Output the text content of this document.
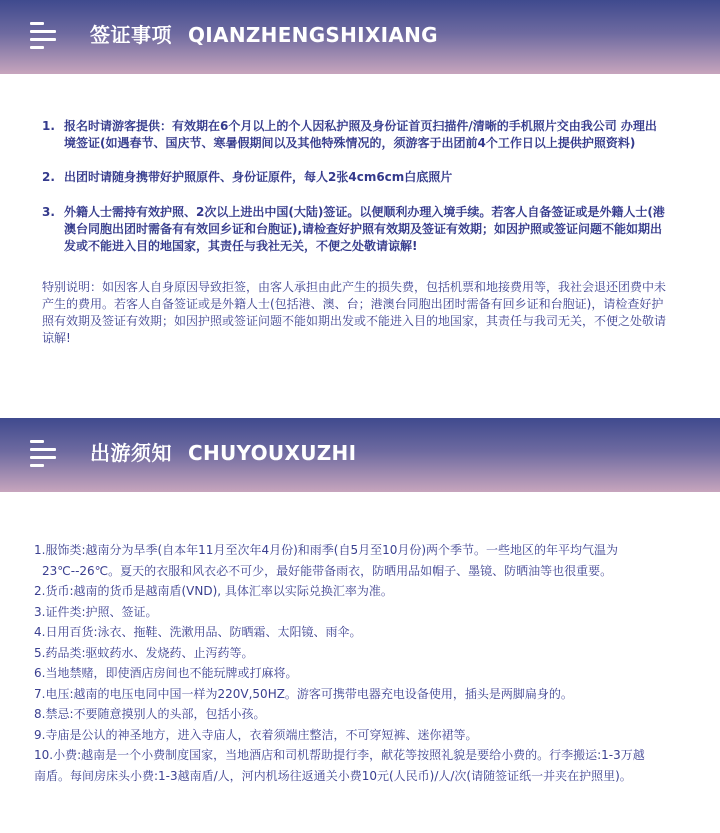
签证事项 QIANZHENGSHIXIANG
1. 报名时请游客提供：有效期在6个月以上的个人因私护照及身份证首页扫描件/清晰的手机照片交由我公司 办理出境签证(如遇春节、国庆节、寒暑假期间以及其他特殊情况的，须游客于出团前4个工作日以上提供护照资料)
2. 出团时请随身携带好护照原件、身份证原件，每人2张4cm6cm白底照片
3. 外籍人士需持有效护照、2次以上进出中国(大陆)签证。以便顺利办理入境手续。若客人自备签证或是外籍人士(港澳台同胞出团时需备有有效回乡证和台胞证),请检查好护照有效期及签证有效期；如因护照或签证问题不能如期出发或不能进入目的地国家，其责任与我社无关，不便之处敬请谅解!
特别说明：如因客人自身原因导致拒签，由客人承担由此产生的损失费，包括机票和地接费用等，我社会退还团费中未产生的费用。若客人自备签证或是外籍人士(包括港、澳、台；港澳台同胞出团时需备有回乡证和台胞证)，请检查好护照有效期及签证有效期；如因护照或签证问题不能如期出发或不能进入目的地国家，其责任与我司无关，不便之处敬请谅解!
出游须知 CHUYOUXUZHI
1.服饰类:越南分为旱季(自本年11月至次年4月份)和雨季(自5月至10月份)两个季节。一些地区的年平均气温为
23℃--26℃。夏天的衣服和风衣必不可少，最好能带备雨衣，防晒用品如帽子、墨镜、防晒油等也很重要。
2.货币:越南的货币是越南盾(VND), 具体汇率以实际兑换汇率为准。
3.证件类:护照、签证。
4.日用百货:泳衣、拖鞋、洗漱用品、防晒霜、太阳镜、雨伞。
5.药品类:驱蚊药水、发烧药、止泻药等。
6.当地禁赌，即使酒店房间也不能玩牌或打麻将。
7.电压:越南的电压电同中国一样为220V,50HZ。游客可携带电器充电设备使用，插头是两脚扁身的。
8.禁忌:不要随意摸别人的头部，包括小孩。
9.寺庙是公认的神圣地方，进入寺庙人，衣着须端庄整洁，不可穿短裤、迷你裙等。
10.小费:越南是一个小费制度国家，当地酒店和司机帮助提行李，献花等按照礼貌是要给小费的。行李搬运:1-3万越
南盾。每间房床头小费:1-3越南盾/人，河内机场往返通关小费10元(人民币)/人/次(请随签证纸一并夹在护照里)。
